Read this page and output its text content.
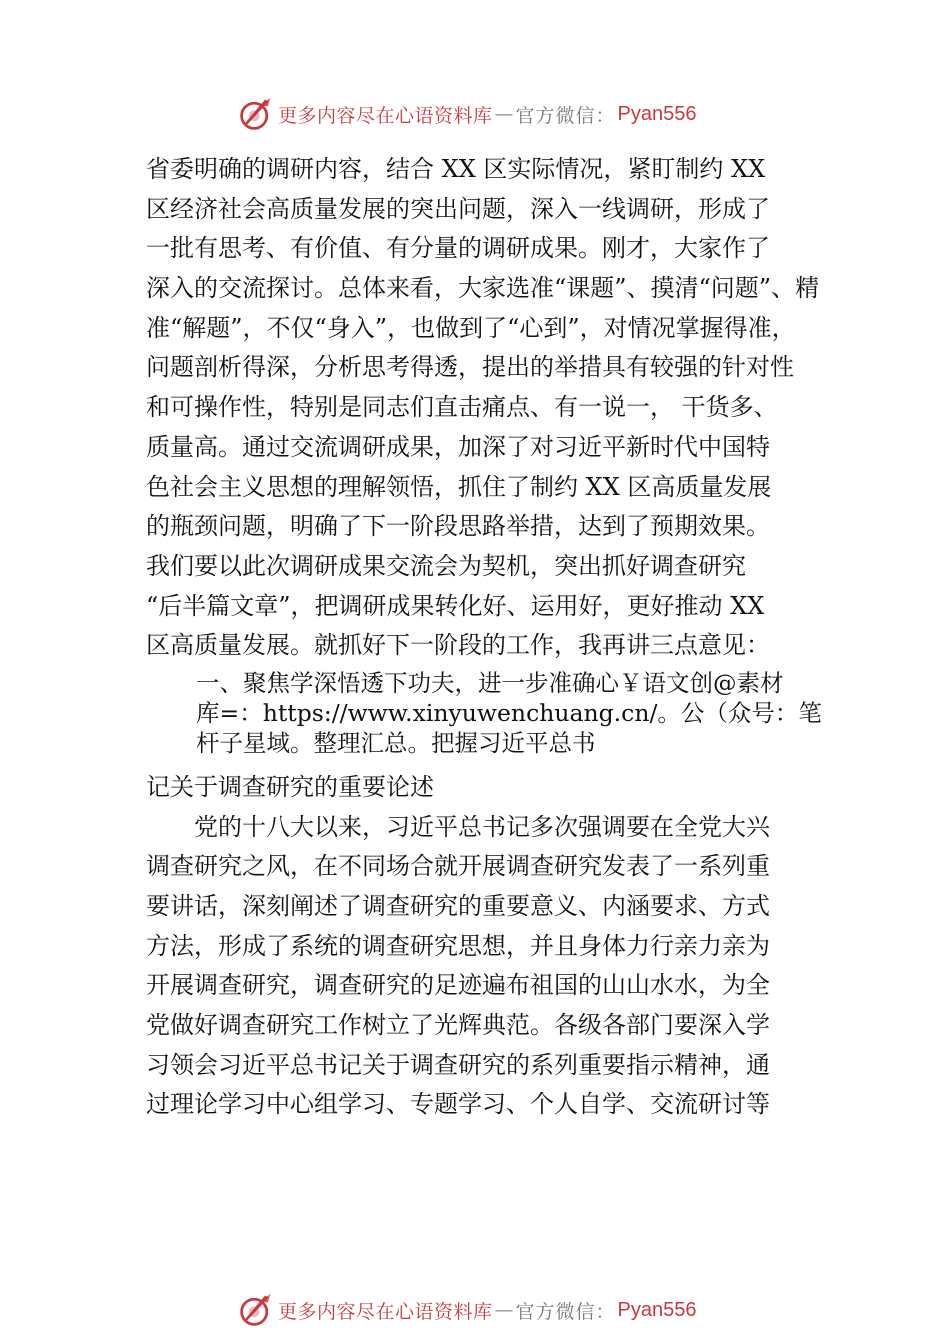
更多内容尽在心语资料库 — 官方微信： Pyan556
省委明确的调研内容，结合 XX 区实际情况，紧盯制约 XX
区经济社会高质量发展的突出问题，深入一线调研，形成了
一批有思考、有价值、有分量的调研成果。刚才，大家作了
深入的交流探讨。总体来看，大家选准“课题”、摸清“问题”、精
准“解题”，不仅“身入”，也做到了“心到”，对情况掌握得准，
问题剖析得深，分析思考得透，提出的举措具有较强的针对性
和可操作性，特别是同志们直击痛点、有一说一， 干货多、
质量高。通过交流调研成果，加深了对习近平新时代中国特
色社会主义思想的理解领悟，抓住了制约 XX 区高质量发展
的瓶颈问题，明确了下一阶段思路举措，达到了预期效果。
我们要以此次调研成果交流会为契机，突出抓好调查研究
“后半篇文章”，把调研成果转化好、运用好，更好推动 XX
区高质量发展。就抓好下一阶段的工作，我再讲三点意见：
一、聚焦学深悟透下功夫，进一步准确心￥语文创@素材
库=：https://www.xinyuwenchuang.cn/。公（众号：笔
杆子星域。整理汇总。把握习近平总书
记关于调查研究的重要论述
　　党的十八大以来，习近平总书记多次强调要在全党大兴
调查研究之风，在不同场合就开展调查研究发表了一系列重
要讲话，深刻阐述了调查研究的重要意义、内涵要求、方式
方法，形成了系统的调查研究思想，并且身体力行亲力亲为
开展调查研究，调查研究的足迹遍布祖国的山山水水，为全
党做好调查研究工作树立了光辉典范。各级各部门要深入学
习领会习近平总书记关于调查研究的系列重要指示精神，通
过理论学习中心组学习、专题学习、个人自学、交流研讨等
更多内容尽在心语资料库 — 官方微信： Pyan556
